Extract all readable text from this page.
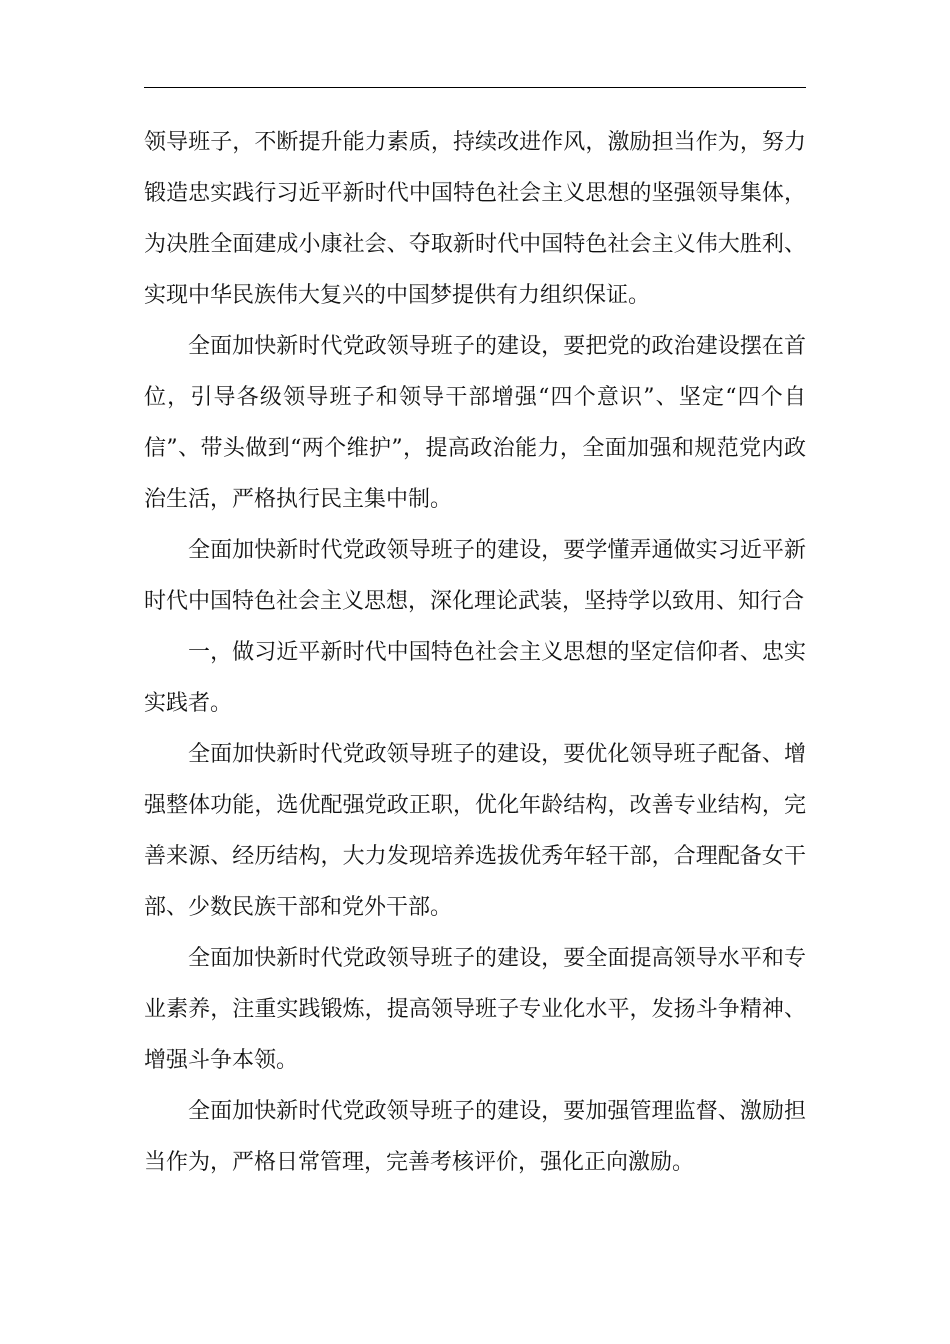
领导班子，不断提升能力素质，持续改进作风，激励担当作为，努力锻造忠实践行习近平新时代中国特色社会主义思想的坚强领导集体，为决胜全面建成小康社会、夺取新时代中国特色社会主义伟大胜利、实现中华民族伟大复兴的中国梦提供有力组织保证。

全面加快新时代党政领导班子的建设，要把党的政治建设摆在首位，引导各级领导班子和领导干部增强“四个意识”、坚定“四个自信”、带头做到“两个维护”，提高政治能力，全面加强和规范党内政治生活，严格执行民主集中制。

全面加快新时代党政领导班子的建设，要学懂弄通做实习近平新时代中国特色社会主义思想，深化理论武装，坚持学以致用、知行合

一，做习近平新时代中国特色社会主义思想的坚定信仰者、忠实实践者。

全面加快新时代党政领导班子的建设，要优化领导班子配备、增强整体功能，选优配强党政正职，优化年龄结构，改善专业结构，完善来源、经历结构，大力发现培养选拔优秀年轻干部，合理配备女干部、少数民族干部和党外干部。

全面加快新时代党政领导班子的建设，要全面提高领导水平和专业素养，注重实践锻炼，提高领导班子专业化水平，发扬斗争精神、增强斗争本领。

全面加快新时代党政领导班子的建设，要加强管理监督、激励担当作为，严格日常管理，完善考核评价，强化正向激励。
